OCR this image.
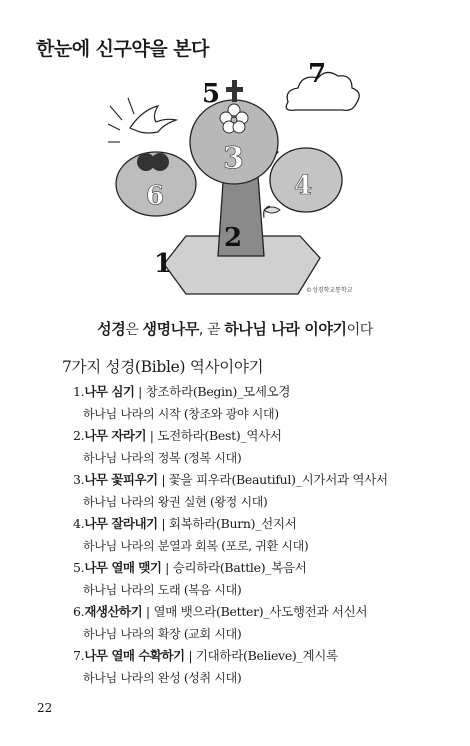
한눈에 신구약을 본다
1
2
3
4
5
6
7
©성경학교통학교
성경은 생명나무, 곧 하나님 나라 이야기이다
7가지 성경(Bible) 역사이야기
1.나무 심기 | 창조하라(Begin)_모세오경
하나님 나라의 시작 (창조와 광야 시대)
2.나무 자라기 | 도전하라(Best)_역사서
하나님 나라의 정복 (정복 시대)
3.나무 꽃피우기 | 꽃을 피우라(Beautiful)_시가서과 역사서
하나님 나라의 왕권 실현 (왕정 시대)
4.나무 잘라내기 | 회복하라(Burn)_선지서
하나님 나라의 분열과 회복 (포로, 귀환 시대)
5.나무 열매 맺기 | 승리하라(Battle)_복음서
하나님 나라의 도래 (복음 시대)
6.재생산하기 | 열매 뱃으라(Better)_사도행전과 서신서
하나님 나라의 확장 (교회 시대)
7.나무 열매 수확하기 | 기대하라(Believe)_계시록
하나님 나라의 완성 (성취 시대)
22
